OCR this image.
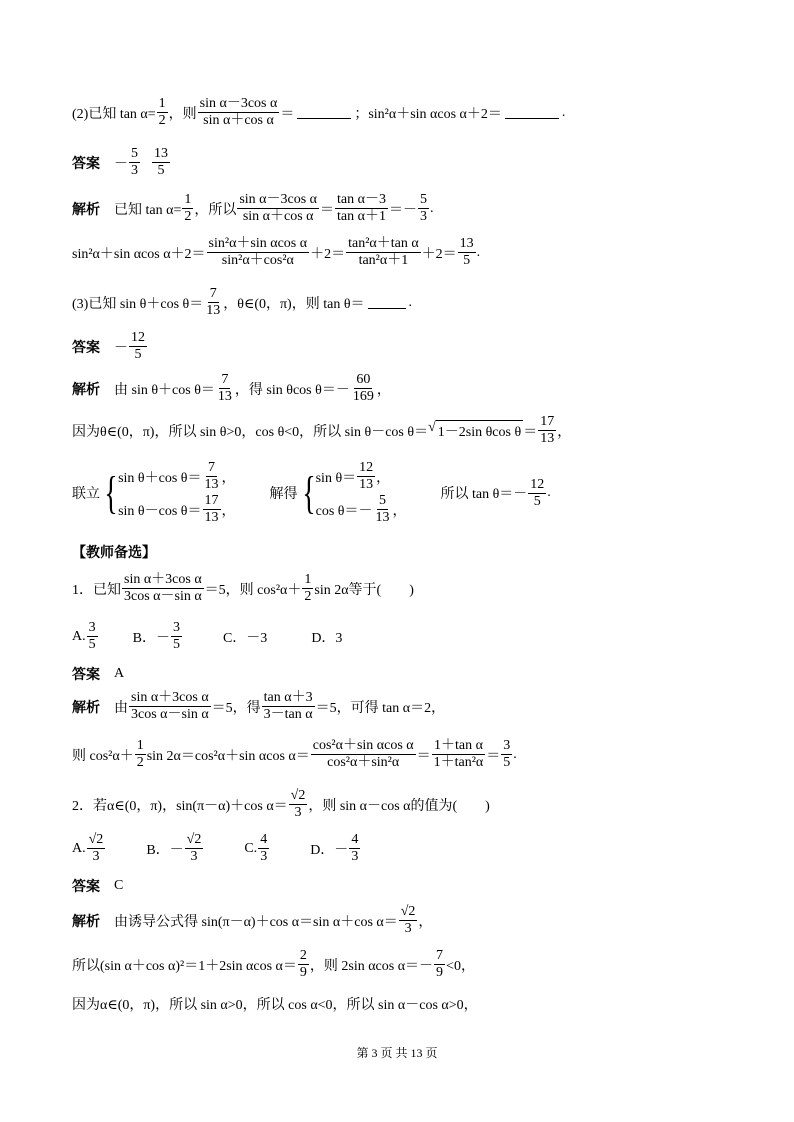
(2)已知 $\tan \alpha= \frac{1}{2}$ ，则 $\frac{\text{sin α－3cos α}}{\text{sin α＋cos α}}$ ＝	； sin²α＋sin αcos α＋2＝	.
答案 － $\frac{5}{3} \frac{13}{5}$
解析 已知 $\tan \alpha= \frac{1}{2}$ ，所以 $\frac{\text{sin α－3cos α}}{\text{sin α＋cos α}} = \frac{\text{tan α－3}}{\text{tan α＋1}} =- \frac{5}{3}$ .
sin²α＋sin αcos $\alpha+2= \frac{\text{sin²α＋sin αcos α}}{\text{sin²α＋cos²α}} +2= \frac{\text{tan²α＋tan α}}{\text{tan²α＋1}} +2= \frac{13}{5}$ .
(3)已知 sin θ＋cos $\theta= \frac{7}{13}$ ，θ∈(0，π)，则 tan θ＝	.
答案 － $\frac{12}{5}$
解析 由 sin θ＋cos $\theta= \frac{7}{13}$ ，得 sin θcos $\theta=- \frac{60}{169}$ ，
因为θ∈(0，π)，所以 sin θ>0，cos θ<0，所以 sin θ－cos θ＝ √ 1－2sin θcos $\theta = \frac{17}{13}$ ，
联立 { sin θ＋cos $\theta= \frac{7}{13}$ ，
sin θ－cos $\theta= \frac{17}{13}$ ，
解得 { $\sin \theta= \frac{12}{13}$ ，
$\cos \theta=- \frac{5}{13}$ ，
所以 $\tan \theta=- \frac{12}{5}$ .
【教师备选】
1．已知 $\frac{\text{sin α＋3cos α}}{\text{3cos α－sin α}} =5$，则 $\cos^2\alpha+ \frac{1}{2}$ sin 2α等于(　　)
A. $\frac{3}{5}$	B．－ $\frac{3}{5}$	C．－3	D．3
答案 A
解析 由 $\frac{\text{sin α＋3cos α}}{\text{3cos α－sin α}} =5$，得 $\frac{\text{tan α＋3}}{\text{3－tan α}} =5$，可得 tan α＝2，
则 $\cos^2\alpha+ \frac{1}{2}$ sin 2α＝cos²α＋sin αcos $\alpha= \frac{\text{cos²α＋sin αcos α}}{\text{cos²α＋sin²α}} = \frac{\text{1＋tan α}}{\text{1＋tan²α}} = \frac{3}{5}$ .
2．若α∈(0，π)，sin(π－α)＋cos $\alpha= \frac{√2}{3}$ ，则 sin α－cos α的值为(　　)
A. $\frac{√2}{3}$	B．－ $\frac{√2}{3}$	C. $\frac{4}{3}$	D．－ $\frac{4}{3}$
答案 C
解析 由诱导公式得 sin(π－α)＋cos α＝sin α＋cos $\alpha= \frac{√2}{3}$ ，
所以(sin α＋cos α)²＝1＋2sin αcos $\alpha= \frac{2}{9}$ ，则 2sin αcos $\alpha=- \frac{7}{9} <0$，
因为α∈(0，π)，所以 sin α>0，所以 cos α<0，所以 sin α－cos α>0，
第 3 页 共 13 页
